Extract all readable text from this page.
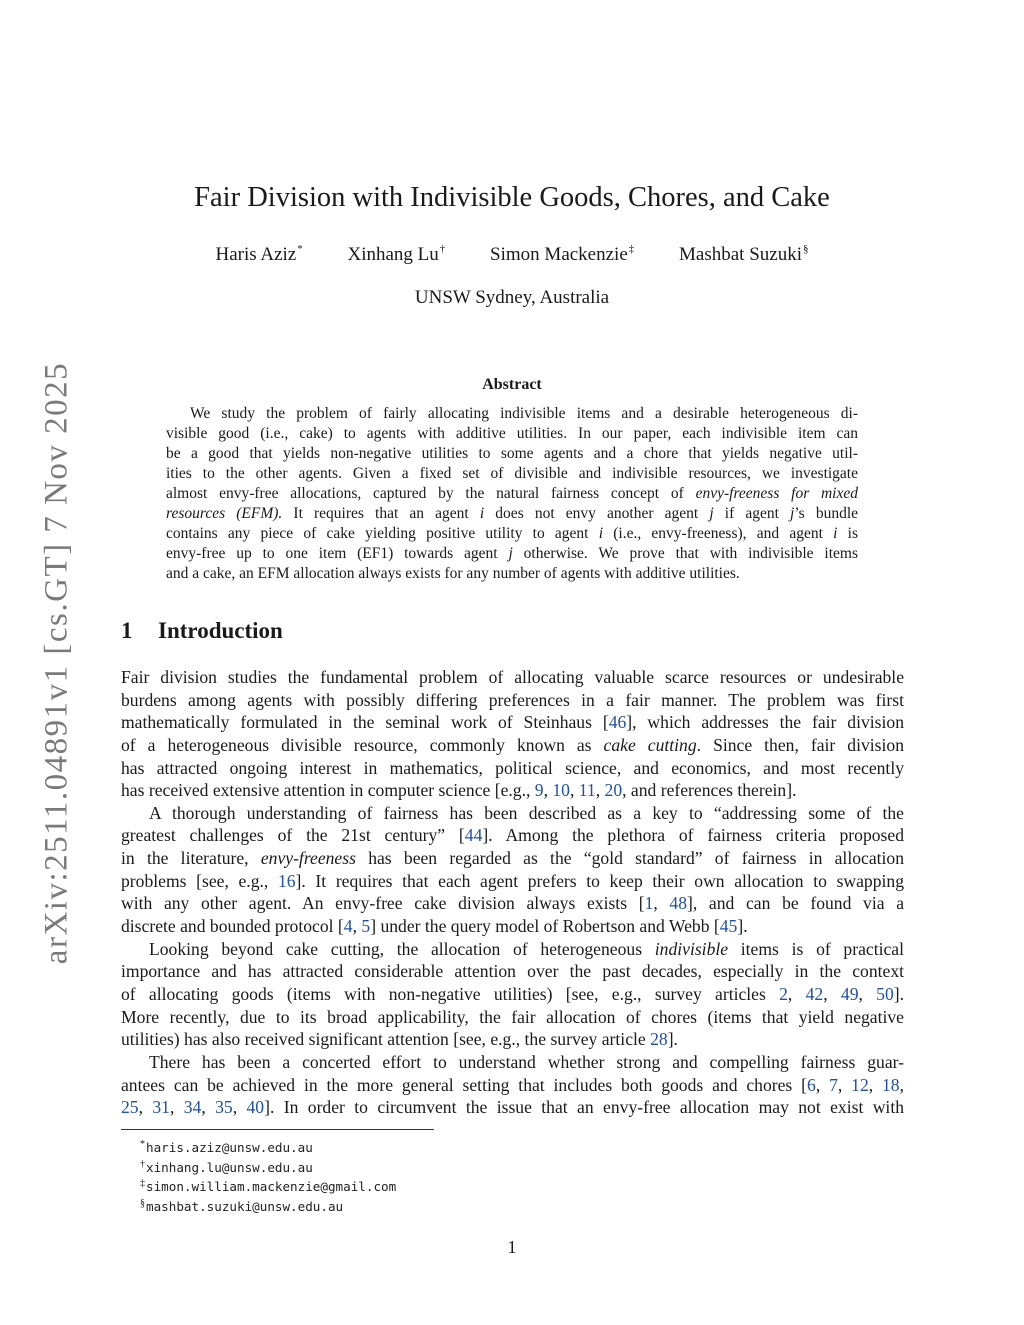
arXiv:2511.04891v1 [cs.GT] 7 Nov 2025
Fair Division with Indivisible Goods, Chores, and Cake
Haris Aziz* Xinhang Lu† Simon Mackenzie‡ Mashbat Suzuki§
UNSW Sydney, Australia
Abstract
We study the problem of fairly allocating indivisible items and a desirable heterogeneous di-
visible good (i.e., cake) to agents with additive utilities. In our paper, each indivisible item can
be a good that yields non-negative utilities to some agents and a chore that yields negative util-
ities to the other agents. Given a fixed set of divisible and indivisible resources, we investigate
almost envy-free allocations, captured by the natural fairness concept of envy-freeness for mixed
resources (EFM). It requires that an agent i does not envy another agent j if agent j’s bundle
contains any piece of cake yielding positive utility to agent i (i.e., envy-freeness), and agent i is
envy-free up to one item (EF1) towards agent j otherwise. We prove that with indivisible items
and a cake, an EFM allocation always exists for any number of agents with additive utilities.
1 Introduction
Fair division studies the fundamental problem of allocating valuable scarce resources or undesirable
burdens among agents with possibly differing preferences in a fair manner. The problem was first
mathematically formulated in the seminal work of Steinhaus [46], which addresses the fair division
of a heterogeneous divisible resource, commonly known as cake cutting. Since then, fair division
has attracted ongoing interest in mathematics, political science, and economics, and most recently
has received extensive attention in computer science [e.g., 9, 10, 11, 20, and references therein].
A thorough understanding of fairness has been described as a key to “addressing some of the
greatest challenges of the 21st century” [44]. Among the plethora of fairness criteria proposed
in the literature, envy-freeness has been regarded as the “gold standard” of fairness in allocation
problems [see, e.g., 16]. It requires that each agent prefers to keep their own allocation to swapping
with any other agent. An envy-free cake division always exists [1, 48], and can be found via a
discrete and bounded protocol [4, 5] under the query model of Robertson and Webb [45].
Looking beyond cake cutting, the allocation of heterogeneous indivisible items is of practical
importance and has attracted considerable attention over the past decades, especially in the context
of allocating goods (items with non-negative utilities) [see, e.g., survey articles 2, 42, 49, 50].
More recently, due to its broad applicability, the fair allocation of chores (items that yield negative
utilities) has also received significant attention [see, e.g., the survey article 28].
There has been a concerted effort to understand whether strong and compelling fairness guar-
antees can be achieved in the more general setting that includes both goods and chores [6, 7, 12, 18,
25, 31, 34, 35, 40]. In order to circumvent the issue that an envy-free allocation may not exist with
*haris.aziz@unsw.edu.au
†xinhang.lu@unsw.edu.au
‡simon.william.mackenzie@gmail.com
§mashbat.suzuki@unsw.edu.au
1
